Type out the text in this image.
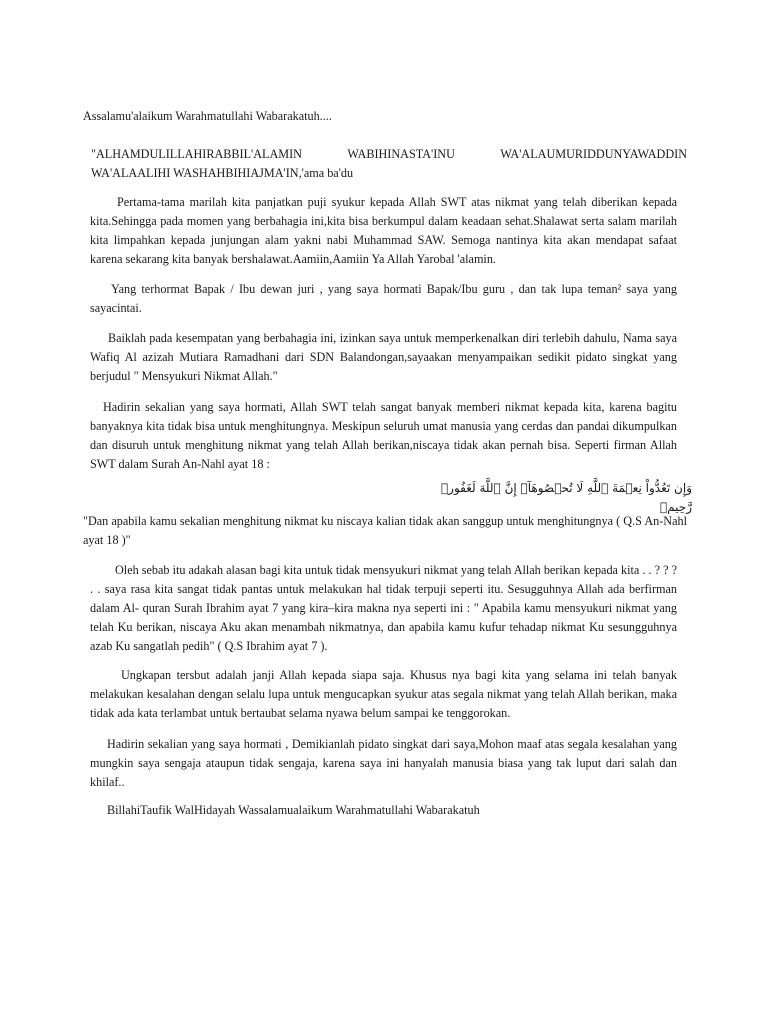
Assalamu'alaikum Warahmatullahi Wabarakatuh....

"ALHAMDULILLAHIRABBIL'ALAMIN WABIHINASTA'INU WA'ALAUMURIDDUNYAWADDIN

WA'ALAALIHI WASHAHBIHIAJMA'IN,'ama ba'du

Pertama-tama marilah kita panjatkan puji syukur kepada Allah SWT atas nikmat yang telah diberikan kepada kita.Sehingga pada momen yang berbahagia ini,kita bisa berkumpul dalam keadaan sehat.Shalawat serta salam marilah kita limpahkan kepada junjungan alam yakni nabi Muhammad SAW. Semoga nantinya kita akan mendapat safaat karena sekarang kita banyak bershalawat.Aamiin,Aamiin Ya Allah Yarobal 'alamin.

Yang terhormat Bapak / Ibu dewan juri , yang saya hormati Bapak/Ibu guru , dan tak lupa teman² saya yang sayacintai.

Baiklah pada kesempatan yang berbahagia ini, izinkan saya untuk memperkenalkan diri terlebih dahulu, Nama saya Wafiq Al azizah Mutiara Ramadhani dari SDN Balandongan,sayaakan menyampaikan sedikit pidato singkat yang berjudul " Mensyukuri Nikmat Allah."

Hadirin sekalian yang saya hormati, Allah SWT telah sangat banyak memberi nikmat kepada kita, karena bagitu banyaknya kita tidak bisa untuk menghitungnya. Meskipun seluruh umat manusia yang cerdas dan pandai dikumpulkan dan disuruh untuk menghitung nikmat yang telah Allah berikan,niscaya tidak akan pernah bisa. Seperti firman Allah SWT dalam Surah An-Nahl ayat 18 :

وَإِن تَعُدُّواْ نِعۡمَةَ ٱللَّهِ لَا تُحۡصُوهَآۗ إِنَّ ٱللَّهَ لَغَفُورٞ رَّحِيمٞ

"Dan apabila kamu sekalian menghitung nikmat ku niscaya kalian tidak akan sanggup untuk menghitungnya ( Q.S An-Nahl ayat 18 )"

Oleh sebab itu adakah alasan bagi kita untuk tidak mensyukuri nikmat yang telah Allah berikan kepada kita . . ? ? ? . . saya rasa kita sangat tidak pantas untuk melakukan hal tidak terpuji seperti itu. Sesugguhnya Allah ada berfirman dalam Al- quran Surah Ibrahim ayat 7 yang kira–kira makna nya seperti ini : " Apabila kamu mensyukuri nikmat yang telah Ku berikan, niscaya Aku akan menambah nikmatnya, dan apabila kamu kufur tehadap nikmat Ku sesungguhnya azab Ku sangatlah pedih" ( Q.S Ibrahim ayat 7 ).

Ungkapan tersbut adalah janji Allah kepada siapa saja. Khusus nya bagi kita yang selama ini telah banyak melakukan kesalahan dengan selalu lupa untuk mengucapkan syukur atas segala nikmat yang telah Allah berikan, maka tidak ada kata terlambat untuk bertaubat selama nyawa belum sampai ke tenggorokan.

Hadirin sekalian yang saya hormati , Demikianlah pidato singkat dari saya,Mohon maaf atas segala kesalahan yang mungkin saya sengaja ataupun tidak sengaja, karena saya ini hanyalah manusia biasa yang tak luput dari salah dan khilaf..

BillahiTaufik WalHidayah Wassalamualaikum Warahmatullahi Wabarakatuh
